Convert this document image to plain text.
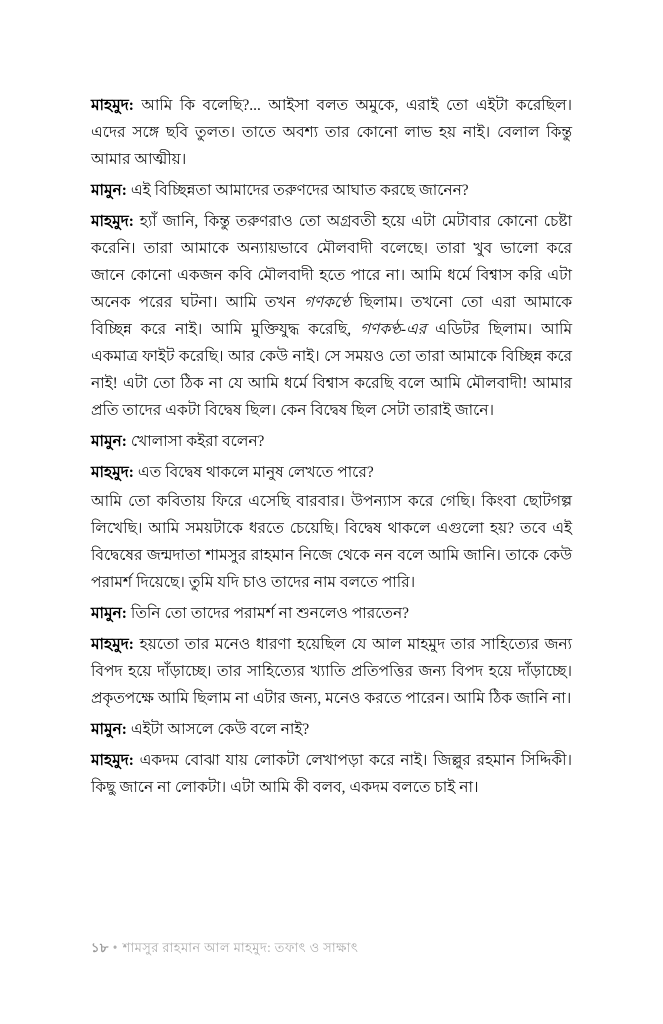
মাহমুদ: আমি কি বলেছি?... আইসা বলত অমুকে, এরাই তো এইটা করেছিল। এদের সঙ্গে ছবি তুলত। তাতে অবশ্য তার কোনো লাভ হয় নাই। বেলাল কিন্তু আমার আত্মীয়।

মামুন: এই বিচ্ছিন্নতা আমাদের তরুণদের আঘাত করছে জানেন?

মাহমুদ: হ্যাঁ জানি, কিন্তু তরুণরাও তো অগ্রবতী হয়ে এটা মেটাবার কোনো চেষ্টা করেনি। তারা আমাকে অন্যায়ভাবে মৌলবাদী বলেছে। তারা খুব ভালো করে জানে কোনো একজন কবি মৌলবাদী হতে পারে না। আমি ধর্মে বিশ্বাস করি এটা অনেক পরের ঘটনা। আমি তখন গণকণ্ঠে ছিলাম। তখনো তো এরা আমাকে বিচ্ছিন্ন করে নাই। আমি মুক্তিযুদ্ধ করেছি, গণকণ্ঠ-এর এডিটর ছিলাম। আমি একমাত্র ফাইট করেছি। আর কেউ নাই। সে সময়ও তো তারা আমাকে বিচ্ছিন্ন করে নাই! এটা তো ঠিক না যে আমি ধর্মে বিশ্বাস করেছি বলে আমি মৌলবাদী! আমার প্রতি তাদের একটা বিদ্বেষ ছিল। কেন বিদ্বেষ ছিল সেটা তারাই জানে।

মামুন: খোলাসা কইরা বলেন?

মাহমুদ: এত বিদ্বেষ থাকলে মানুষ লেখতে পারে?

আমি তো কবিতায় ফিরে এসেছি বারবার। উপন্যাস করে গেছি। কিংবা ছোটগল্প লিখেছি। আমি সময়টাকে ধরতে চেয়েছি। বিদ্বেষ থাকলে এগুলো হয়? তবে এই বিদ্বেষের জন্মদাতা শামসুর রাহমান নিজে থেকে নন বলে আমি জানি। তাকে কেউ পরামর্শ দিয়েছে। তুমি যদি চাও তাদের নাম বলতে পারি।

মামুন: তিনি তো তাদের পরামর্শ না শুনলেও পারতেন?

মাহমুদ: হয়তো তার মনেও ধারণা হয়েছিল যে আল মাহমুদ তার সাহিত্যের জন্য বিপদ হয়ে দাঁড়াচ্ছে। তার সাহিত্যের খ্যাতি প্রতিপত্তির জন্য বিপদ হয়ে দাঁড়াচ্ছে। প্রকৃতপক্ষে আমি ছিলাম না এটার জন্য, মনেও করতে পারেন। আমি ঠিক জানি না।

মামুন: এইটা আসলে কেউ বলে নাই?

মাহমুদ: একদম বোঝা যায় লোকটা লেখাপড়া করে নাই। জিল্লুর রহমান সিদ্দিকী। কিছু জানে না লোকটা। এটা আমি কী বলব, একদম বলতে চাই না।

১৮ • শামসুর রাহমান আল মাহমুদ: তফাৎ ও সাক্ষাৎ
